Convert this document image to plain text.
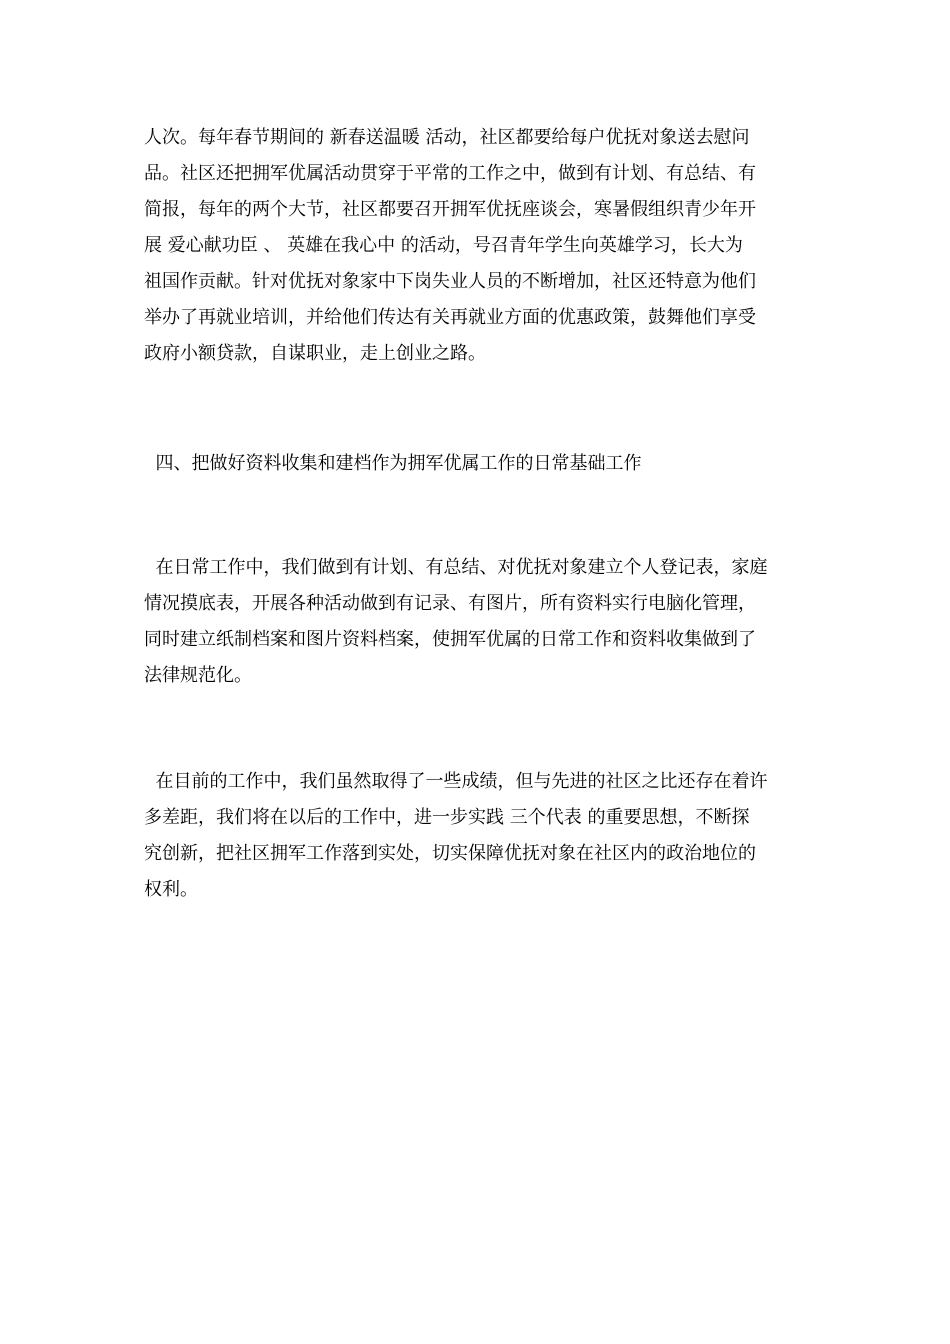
人次。每年春节期间的 新春送温暖 活动，社区都要给每户优抚对象送去慰问
品。社区还把拥军优属活动贯穿于平常的工作之中，做到有计划、有总结、有
简报，每年的两个大节，社区都要召开拥军优抚座谈会，寒暑假组织青少年开
展 爱心献功臣 、 英雄在我心中 的活动，号召青年学生向英雄学习，长大为
祖国作贡献。针对优抚对象家中下岗失业人员的不断增加，社区还特意为他们
举办了再就业培训，并给他们传达有关再就业方面的优惠政策，鼓舞他们享受
政府小额贷款，自谋职业，走上创业之路。
四、把做好资料收集和建档作为拥军优属工作的日常基础工作
在日常工作中，我们做到有计划、有总结、对优抚对象建立个人登记表，家庭
情况摸底表，开展各种活动做到有记录、有图片，所有资料实行电脑化管理，
同时建立纸制档案和图片资料档案，使拥军优属的日常工作和资料收集做到了
法律规范化。
在目前的工作中，我们虽然取得了一些成绩，但与先进的社区之比还存在着许
多差距，我们将在以后的工作中，进一步实践 三个代表 的重要思想，不断探
究创新，把社区拥军工作落到实处，切实保障优抚对象在社区内的政治地位的
权利。
